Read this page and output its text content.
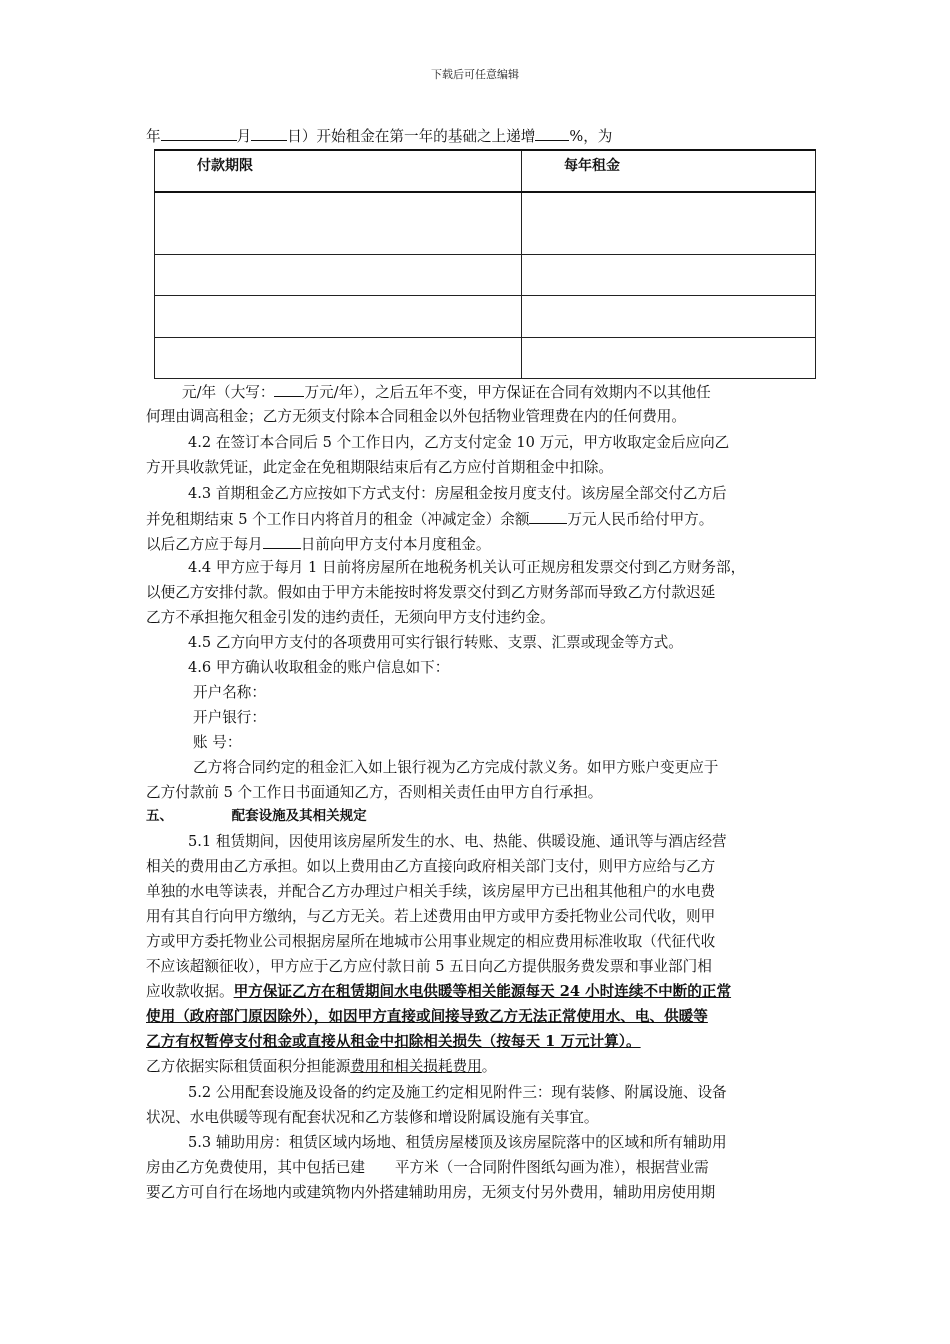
下载后可任意编辑
年	月 日）开始租金在第一年的基础之上递增 %，为
付款期限	每年租金

元/年（大写： 万元/年），之后五年不变，甲方保证在合同有效期内不以其他任
何理由调高租金；乙方无须支付除本合同租金以外包括物业管理费在内的任何费用。
4.2 在签订本合同后 5 个工作日内，乙方支付定金 10 万元，甲方收取定金后应向乙
方开具收款凭证，此定金在免租期限结束后有乙方应付首期租金中扣除。
4.3 首期租金乙方应按如下方式支付：房屋租金按月度支付。该房屋全部交付乙方后
并免租期结束 5 个工作日内将首月的租金（冲减定金）余额	万元人民币给付甲方。
以后乙方应于每月	日前向甲方支付本月度租金。
4.4 甲方应于每月 1 日前将房屋所在地税务机关认可正规房租发票交付到乙方财务部，
以便乙方安排付款。假如由于甲方未能按时将发票交付到乙方财务部而导致乙方付款迟延
乙方不承担拖欠租金引发的违约责任，无须向甲方支付违约金。
4.5 乙方向甲方支付的各项费用可实行银行转账、支票、汇票或现金等方式。
4.6 甲方确认收取租金的账户信息如下：
开户名称：
开户银行：
账 号：
乙方将合同约定的租金汇入如上银行视为乙方完成付款义务。如甲方账户变更应于
乙方付款前 5 个工作日书面通知乙方，否则相关责任由甲方自行承担。
五、	配套设施及其相关规定
5.1 租赁期间，因使用该房屋所发生的水、电、热能、供暖设施、通讯等与酒店经营
相关的费用由乙方承担。如以上费用由乙方直接向政府相关部门支付，则甲方应给与乙方
单独的水电等读表，并配合乙方办理过户相关手续，该房屋甲方已出租其他租户的水电费
用有其自行向甲方缴纳，与乙方无关。若上述费用由甲方或甲方委托物业公司代收，则甲
方或甲方委托物业公司根据房屋所在地城市公用事业规定的相应费用标准收取（代征代收
不应该超额征收），甲方应于乙方应付款日前 5 五日向乙方提供服务费发票和事业部门相
应收款收据。甲方保证乙方在租赁期间水电供暖等相关能源每天 24 小时连续不中断的正常
使用（政府部门原因除外），如因甲方直接或间接导致乙方无法正常使用水、电、供暖等
乙方有权暂停支付租金或直接从租金中扣除相关损失（按每天 1 万元计算）。
乙方依据实际租赁面积分担能源费用和相关损耗费用。
5.2 公用配套设施及设备的约定及施工约定相见附件三：现有装修、附属设施、设备
状况、水电供暖等现有配套状况和乙方装修和增设附属设施有关事宜。
5.3 辅助用房：租赁区域内场地、租赁房屋楼顶及该房屋院落中的区域和所有辅助用
房由乙方免费使用，其中包括已建 平方米（一合同附件图纸勾画为准），根据营业需
要乙方可自行在场地内或建筑物内外搭建辅助用房，无须支付另外费用，辅助用房使用期
